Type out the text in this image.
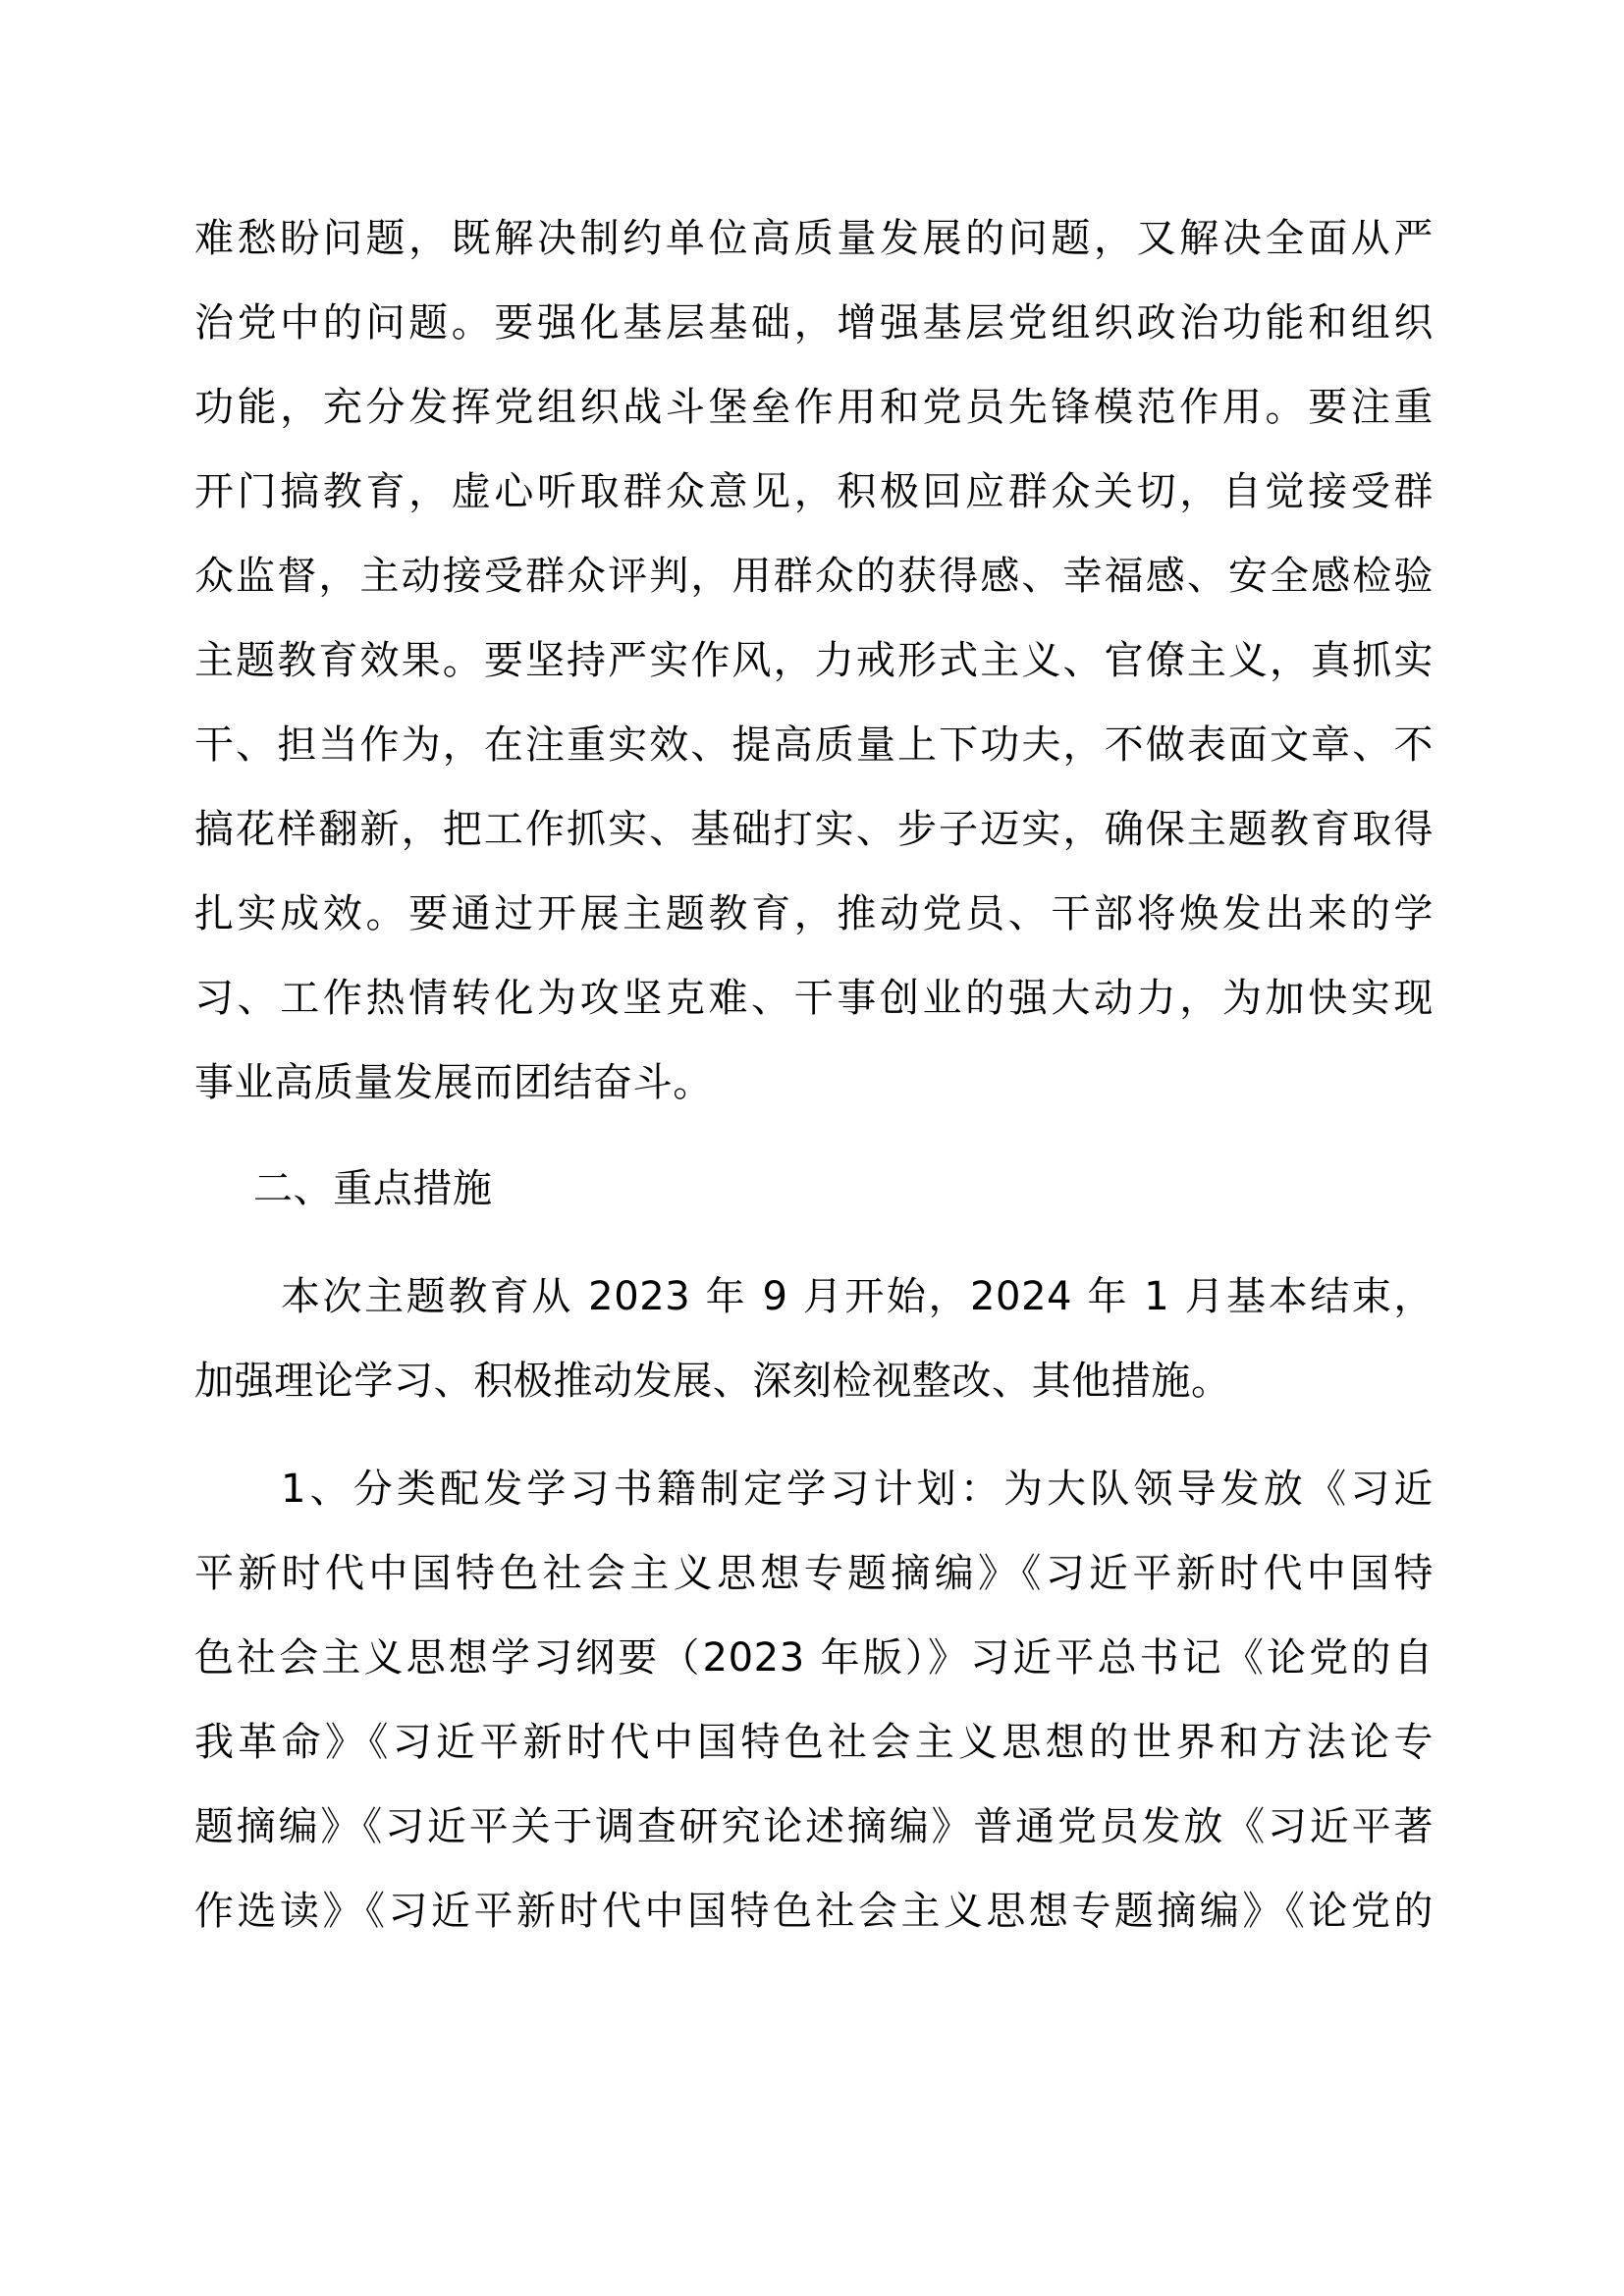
难愁盼问题，既解决制约单位高质量发展的问题，又解决全面从严
治党中的问题。要强化基层基础，增强基层党组织政治功能和组织
功能，充分发挥党组织战斗堡垒作用和党员先锋模范作用。要注重
开门搞教育，虚心听取群众意见，积极回应群众关切，自觉接受群
众监督，主动接受群众评判，用群众的获得感、幸福感、安全感检验
主题教育效果。要坚持严实作风，力戒形式主义、官僚主义，真抓实
干、担当作为，在注重实效、提高质量上下功夫，不做表面文章、不
搞花样翻新，把工作抓实、基础打实、步子迈实，确保主题教育取得
扎实成效。要通过开展主题教育，推动党员、干部将焕发出来的学
习、工作热情转化为攻坚克难、干事创业的强大动力，为加快实现
事业高质量发展而团结奋斗。
二、重点措施
本次主题教育从 2023 年 9 月开始，2024 年 1 月基本结束，
加强理论学习、积极推动发展、深刻检视整改、其他措施。
1、分类配发学习书籍制定学习计划：为大队领导发放《习近
平新时代中国特色社会主义思想专题摘编》《习近平新时代中国特
色社会主义思想学习纲要（2023 年版）》习近平总书记《论党的自
我革命》《习近平新时代中国特色社会主义思想的世界和方法论专
题摘编》《习近平关于调查研究论述摘编》普通党员发放《习近平著
作选读》《习近平新时代中国特色社会主义思想专题摘编》《论党的
